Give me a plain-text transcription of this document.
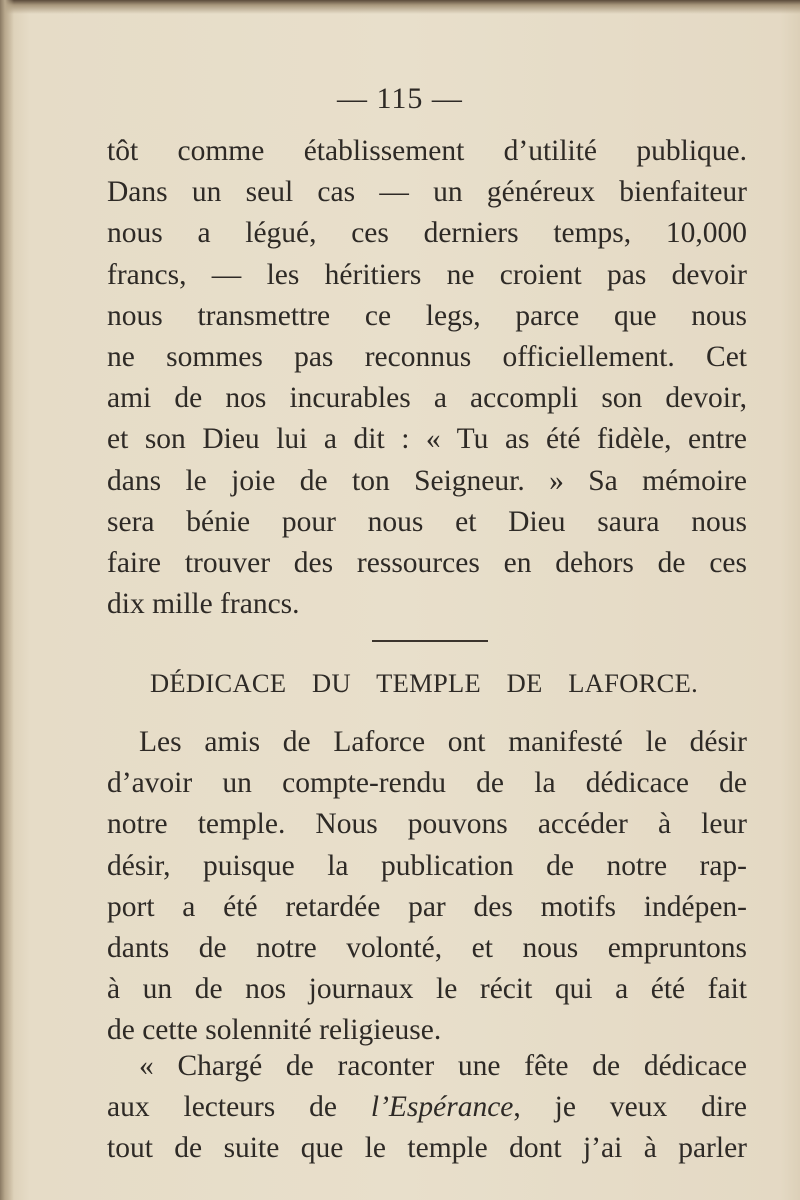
— 115 —
tôt comme établissement d’utilité publique.
Dans un seul cas — un généreux bienfaiteur
nous a légué, ces derniers temps, 10,000
francs, — les héritiers ne croient pas devoir
nous transmettre ce legs, parce que nous
ne sommes pas reconnus officiellement. Cet
ami de nos incurables a accompli son devoir,
et son Dieu lui a dit : « Tu as été fidèle, entre
dans le joie de ton Seigneur. » Sa mémoire
sera bénie pour nous et Dieu saura nous
faire trouver des ressources en dehors de ces
dix mille francs.
DÉDICACE DU TEMPLE DE LAFORCE.
Les amis de Laforce ont manifesté le désir
d’avoir un compte-rendu de la dédicace de
notre temple. Nous pouvons accéder à leur
désir, puisque la publication de notre rap-
port a été retardée par des motifs indépen-
dants de notre volonté, et nous empruntons
à un de nos journaux le récit qui a été fait
de cette solennité religieuse.
« Chargé de raconter une fête de dédicace
aux lecteurs de l’Espérance, je veux dire
tout de suite que le temple dont j’ai à parler
